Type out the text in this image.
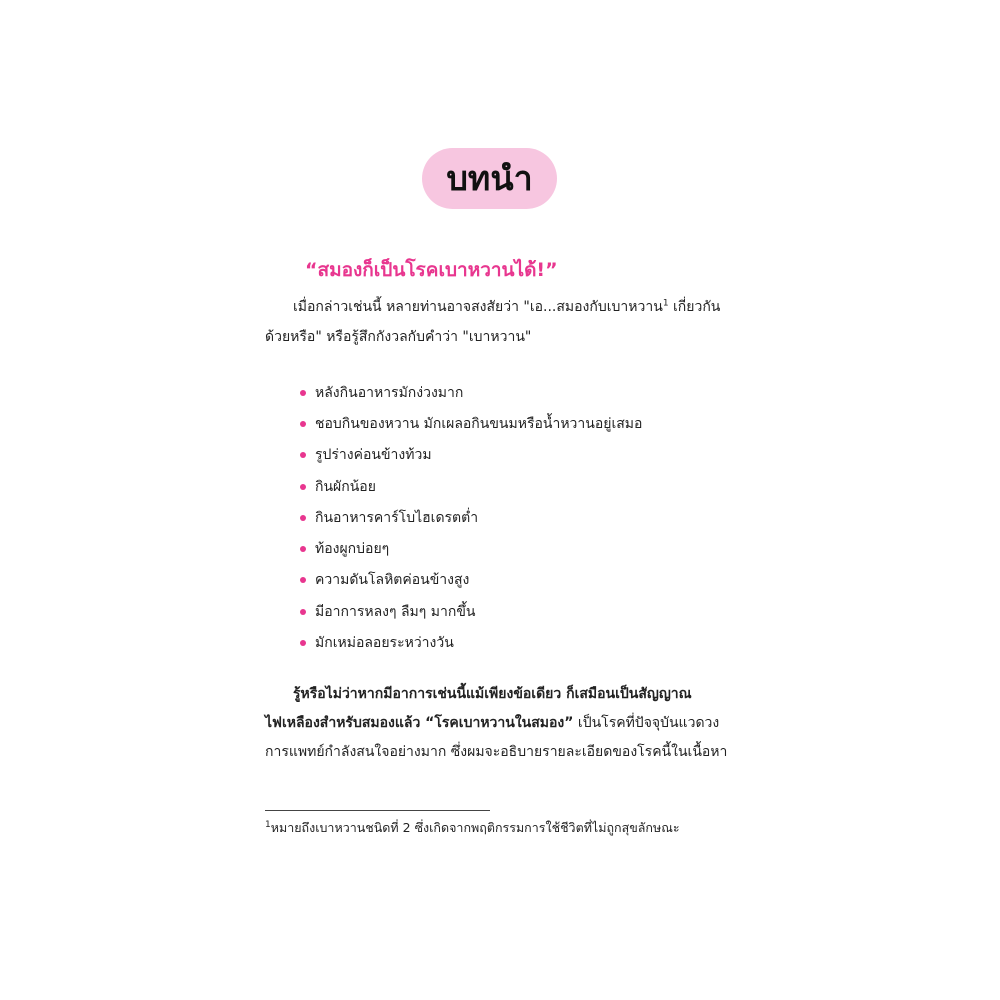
บทนำ
“สมองก็เป็นโรคเบาหวานได้!”
เมื่อกล่าวเช่นนี้ หลายท่านอาจสงสัยว่า "เอ...สมองกับเบาหวาน$^1$ เกี่ยวกัน
ด้วยหรือ" หรือรู้สึกกังวลกับคำว่า "เบาหวาน"
หลังกินอาหารมักง่วงมาก
ชอบกินของหวาน มักเผลอกินขนมหรือน้ำหวานอยู่เสมอ
รูปร่างค่อนข้างท้วม
กินผักน้อย
กินอาหารคาร์โบไฮเดรตต่ำ
ท้องผูกบ่อยๆ
ความดันโลหิตค่อนข้างสูง
มีอาการหลงๆ ลืมๆ มากขึ้น
มักเหม่อลอยระหว่างวัน
รู้หรือไม่ว่าหากมีอาการเช่นนี้แม้เพียงข้อเดียว ก็เสมือนเป็นสัญญาณ
ไฟเหลืองสำหรับสมองแล้ว “โรคเบาหวานในสมอง” เป็นโรคที่ปัจจุบันแวดวง
การแพทย์กำลังสนใจอย่างมาก ซึ่งผมจะอธิบายรายละเอียดของโรคนี้ในเนื้อหา
$^1$หมายถึงเบาหวานชนิดที่ 2 ซึ่งเกิดจากพฤติกรรมการใช้ชีวิตที่ไม่ถูกสุขลักษณะ
